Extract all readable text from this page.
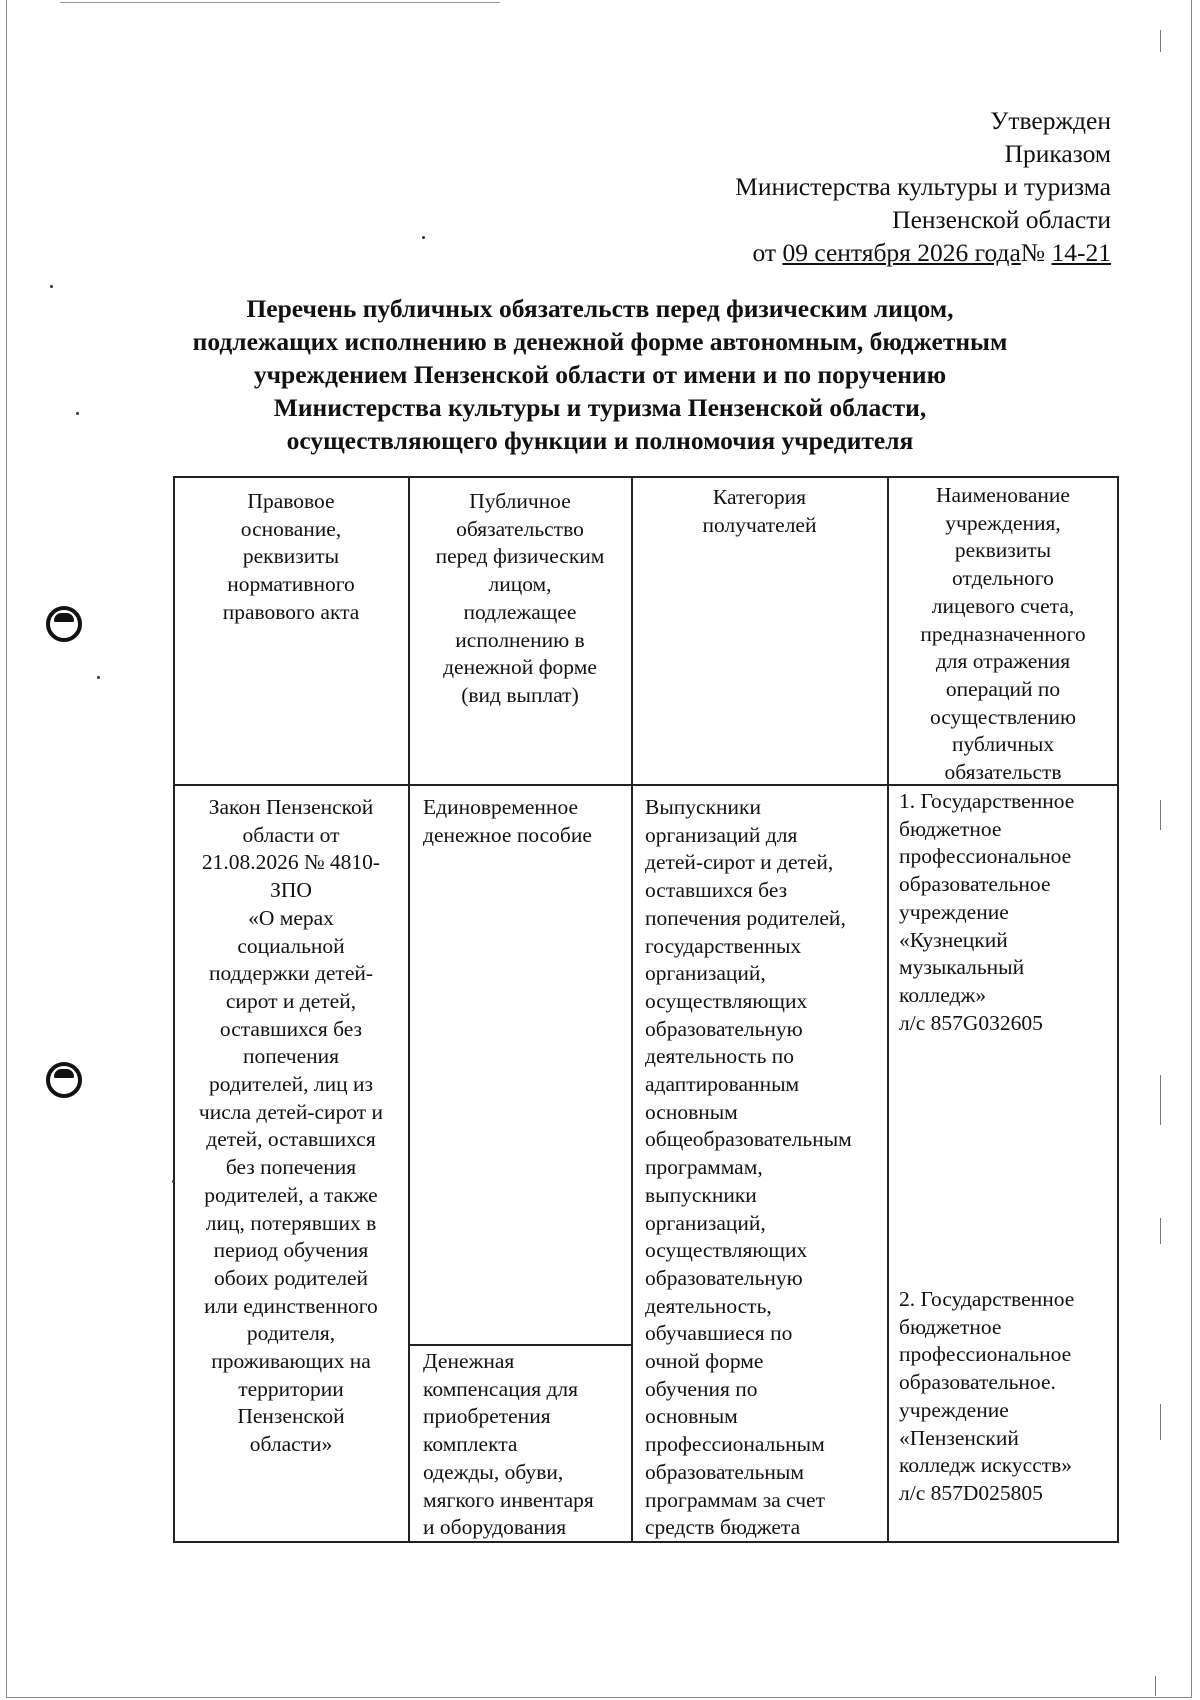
Утвержден
Приказом
Министерства культуры и туризма
Пензенской области
от 09 сентября 2026 года№ 14-21
Перечень публичных обязательств перед физическим лицом,
подлежащих исполнению в денежной форме автономным, бюджетным
учреждением Пензенской области от имени и по поручению
Министерства культуры и туризма Пензенской области,
осуществляющего функции и полномочия учредителя
Правовое
основание,
реквизиты
нормативного
правового акта
Публичное
обязательство
перед физическим
лицом,
подлежащее
исполнению в
денежной форме
(вид выплат)
Категория
получателей
Наименование
учреждения,
реквизиты
отдельного
лицевого счета,
предназначенного
для отражения
операций по
осуществлению
публичных
обязательств
Закон Пензенской
области от
21.08.2026 № 4810-
ЗПО
«О мерах
социальной
поддержки детей-
сирот и детей,
оставшихся без
попечения
родителей, лиц из
числа детей-сирот и
детей, оставшихся
без попечения
родителей, а также
лиц, потерявших в
период обучения
обоих родителей
или единственного
родителя,
проживающих на
территории
Пензенской
области»
Единовременное
денежное пособие
Денежная
компенсация для
приобретения
комплекта
одежды, обуви,
мягкого инвентаря
и оборудования
Выпускники
организаций для
детей-сирот и детей,
оставшихся без
попечения родителей,
государственных
организаций,
осуществляющих
образовательную
деятельность по
адаптированным
основным
общеобразовательным
программам,
выпускники
организаций,
осуществляющих
образовательную
деятельность,
обучавшиеся по
очной форме
обучения по
основным
профессиональным
образовательным
программам за счет
средств бюджета
1. Государственное
бюджетное
профессиональное
образовательное
учреждение
«Кузнецкий
музыкальный
колледж»
л/с 857G032605
2. Государственное
бюджетное
профессиональное
образовательное.
учреждение
«Пензенский
колледж искусств»
л/с 857D025805
